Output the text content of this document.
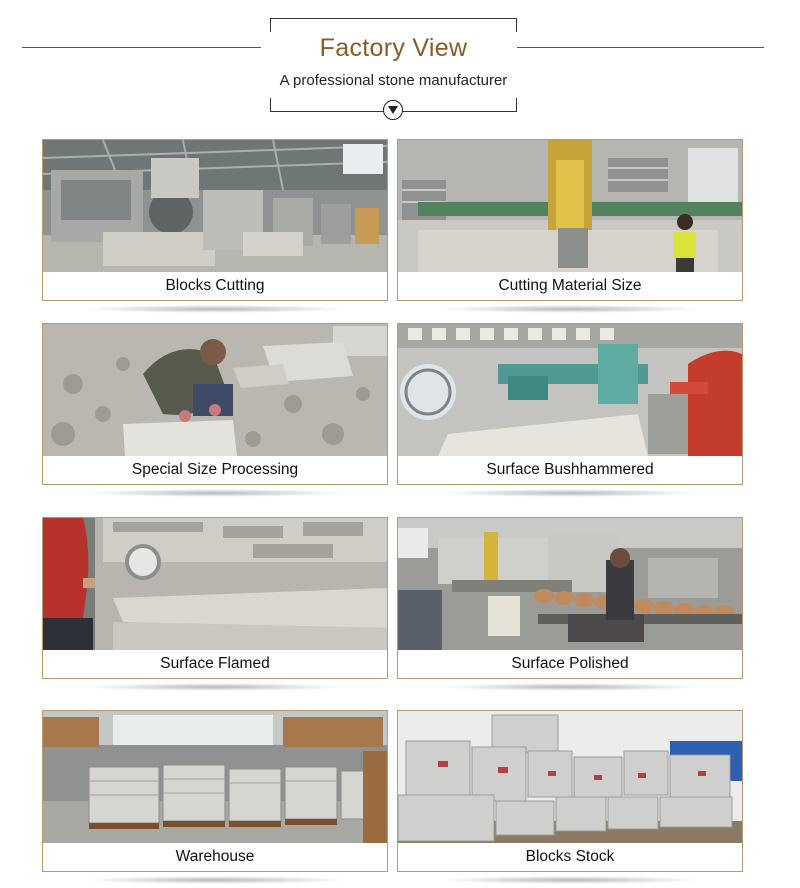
Factory View
A professional stone manufacturer
Blocks Cutting	Cutting Material Size
Special Size Processing	Surface Bushhammered
Surface Flamed	Surface Polished
Warehouse	Blocks Stock
